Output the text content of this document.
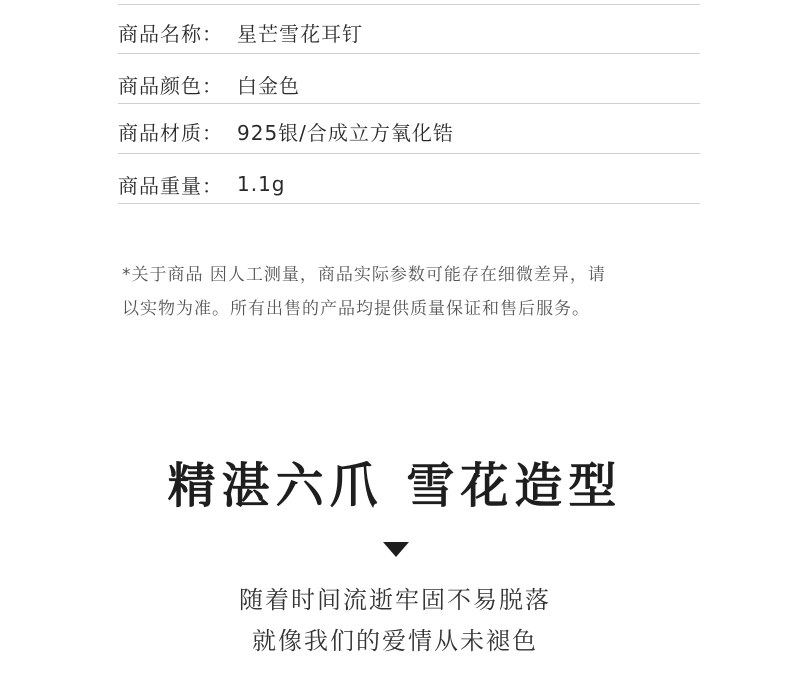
商品名称 ： 星芒雪花耳钉
商品颜色 ： 白金色
商品材质 ： 925银/合成立方氧化锆
商品重量 ： 1.1g

*关于商品 因人工测量，商品实际参数可能存在细微差异，请

以实物为准。所有出售的产品均提供质量保证和售后服务。

精湛六爪 雪花造型
随着时间流逝牢固不易脱落
就像我们的爱情从未褪色
